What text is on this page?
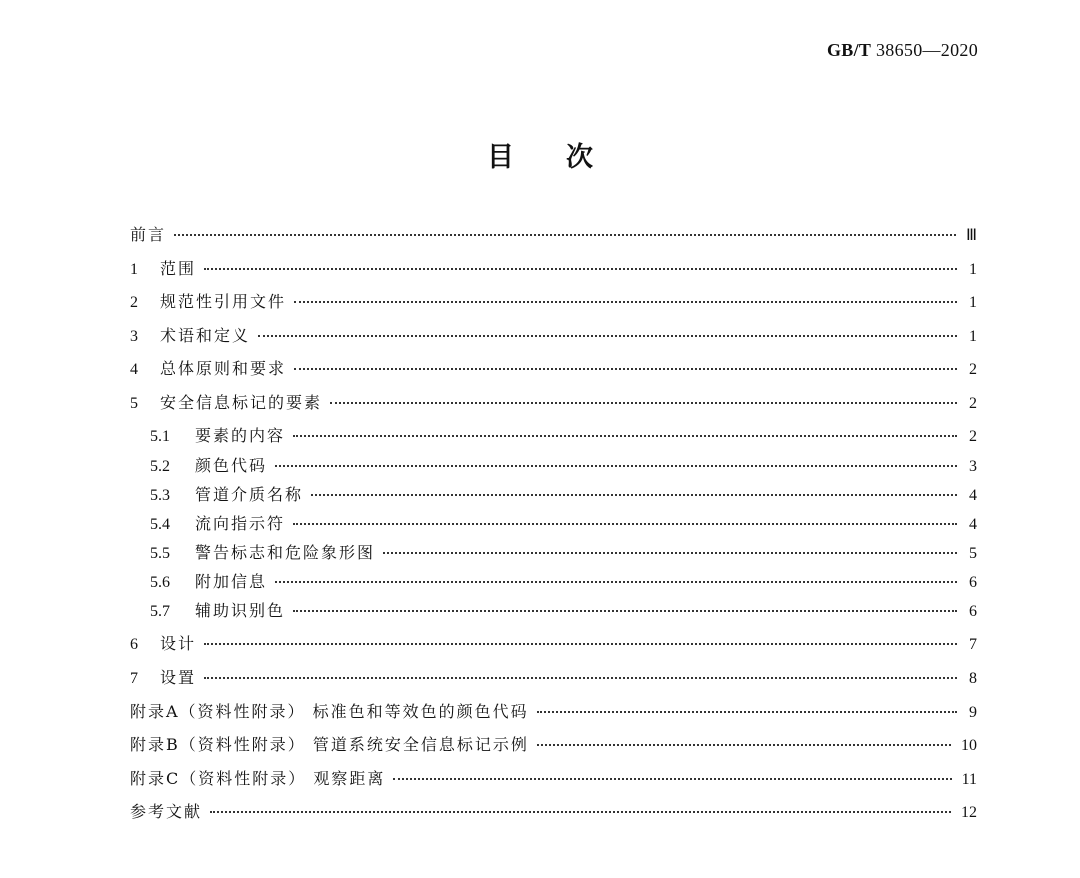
GB/T 38650—2020
目次
前言	Ⅲ
1	范围	1
2	规范性引用文件	1
3	术语和定义	1
4	总体原则和要求	2
5	安全信息标记的要素	2
5.1	要素的内容	2
5.2	颜色代码	3
5.3	管道介质名称	4
5.4	流向指示符	4
5.5	警告标志和危险象形图	5
5.6	附加信息	6
5.7	辅助识别色	6
6	设计	7
7	设置	8
附录A（资料性附录） 标准色和等效色的颜色代码	9
附录B（资料性附录） 管道系统安全信息标记示例	10
附录C（资料性附录） 观察距离	11
参考文献	12
